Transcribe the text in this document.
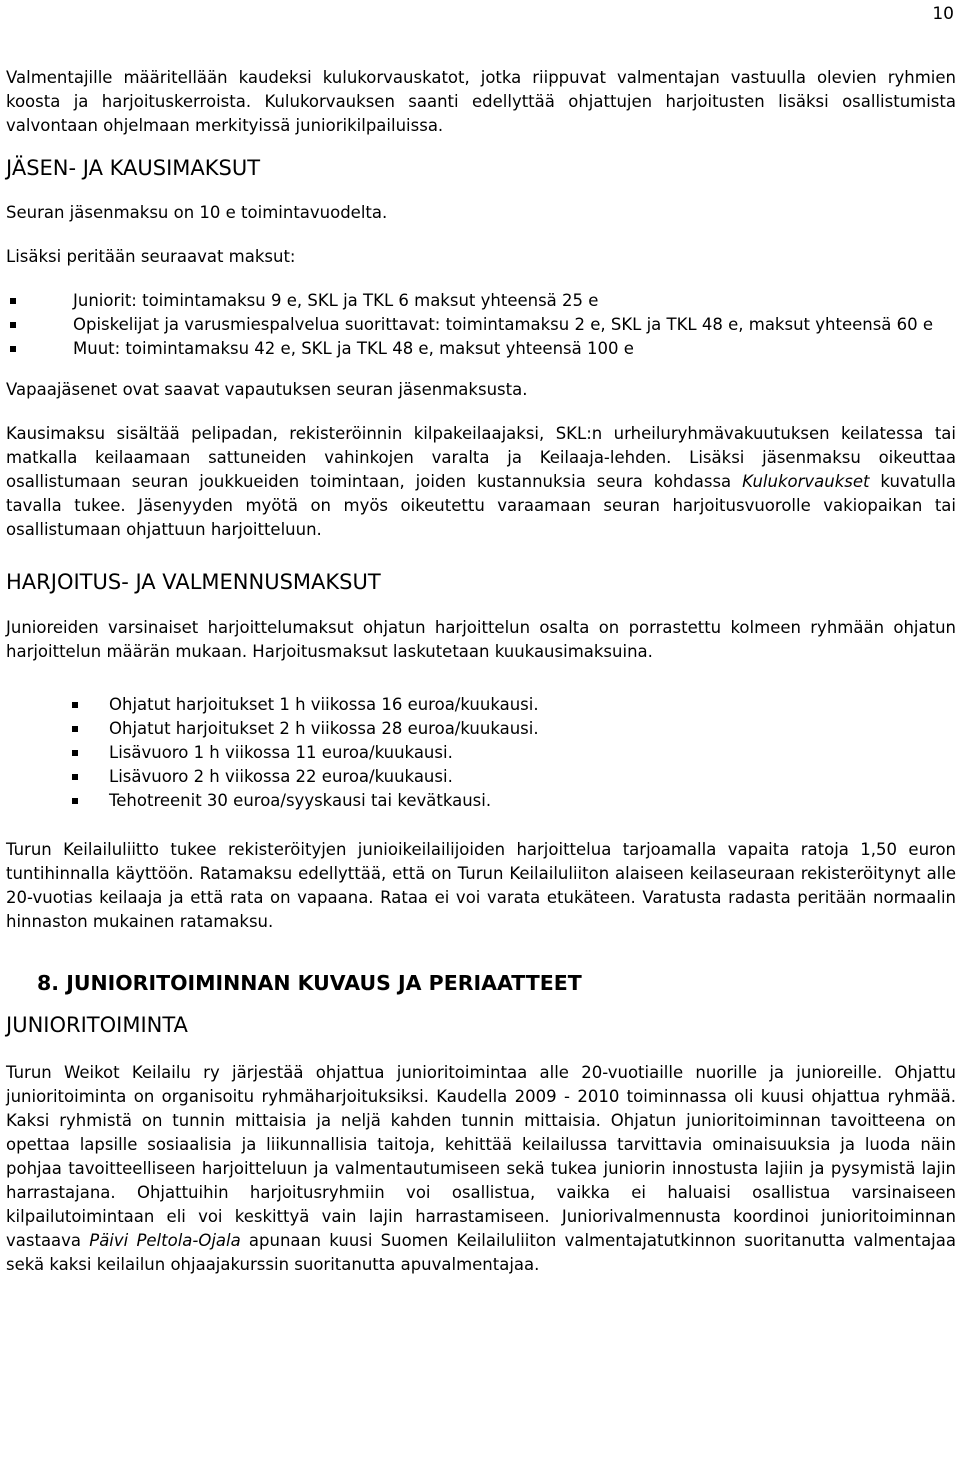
10

Valmentajille määritellään kaudeksi kulukorvauskatot, jotka riippuvat valmentajan vastuulla olevien ryhmien koosta ja harjoituskerroista. Kulukorvauksen saanti edellyttää ohjattujen harjoitusten lisäksi osallistumista valvontaan ohjelmaan merkityissä juniorikilpailuissa.

JÄSEN- JA KAUSIMAKSUT

Seuran jäsenmaksu on 10 e toimintavuodelta.

Lisäksi peritään seuraavat maksut:

Juniorit: toimintamaksu 9 e, SKL ja TKL 6 maksut yhteensä 25 e
Opiskelijat ja varusmiespalvelua suorittavat: toimintamaksu 2 e, SKL ja TKL 48 e, maksut yhteensä 60 e
Muut: toimintamaksu 42 e, SKL ja TKL 48 e, maksut yhteensä 100 e

Vapaajäsenet ovat saavat vapautuksen seuran jäsenmaksusta.

Kausimaksu sisältää pelipadan, rekisteröinnin kilpakeilaajaksi, SKL:n urheiluryhmävakuutuksen keilatessa tai matkalla keilaamaan sattuneiden vahinkojen varalta ja Keilaaja-lehden. Lisäksi jäsenmaksu oikeuttaa osallistumaan seuran joukkueiden toimintaan, joiden kustannuksia seura kohdassa Kulukorvaukset kuvatulla tavalla tukee. Jäsenyyden myötä on myös oikeutettu varaamaan seuran harjoitusvuorolle vakiopaikan tai osallistumaan ohjattuun harjoitteluun.

HARJOITUS- JA VALMENNUSMAKSUT

Junioreiden varsinaiset harjoittelumaksut ohjatun harjoittelun osalta on porrastettu kolmeen ryhmään ohjatun harjoittelun määrän mukaan. Harjoitusmaksut laskutetaan kuukausimaksuina.

Ohjatut harjoitukset 1 h viikossa 16 euroa/kuukausi.
Ohjatut harjoitukset 2 h viikossa 28 euroa/kuukausi.
Lisävuoro 1 h viikossa 11 euroa/kuukausi.
Lisävuoro 2 h viikossa 22 euroa/kuukausi.
Tehotreenit 30 euroa/syyskausi tai kevätkausi.

Turun Keilailuliitto tukee rekisteröityjen junioikeilailijoiden harjoittelua tarjoamalla vapaita ratoja 1,50 euron tuntihinnalla käyttöön. Ratamaksu edellyttää, että on Turun Keilailuliiton alaiseen keilaseuraan rekisteröitynyt alle 20-vuotias keilaaja ja että rata on vapaana. Rataa ei voi varata etukäteen. Varatusta radasta peritään normaalin hinnaston mukainen ratamaksu.

8. JUNIORITOIMINNAN KUVAUS JA PERIAATTEET
JUNIORITOIMINTA

Turun Weikot Keilailu ry järjestää ohjattua junioritoimintaa alle 20-vuotiaille nuorille ja junioreille. Ohjattu junioritoiminta on organisoitu ryhmäharjoituksiksi. Kaudella 2009 - 2010 toiminnassa oli kuusi ohjattua ryhmää. Kaksi ryhmistä on tunnin mittaisia ja neljä kahden tunnin mittaisia. Ohjatun junioritoiminnan tavoitteena on opettaa lapsille sosiaalisia ja liikunnallisia taitoja, kehittää keilailussa tarvittavia ominaisuuksia ja luoda näin pohjaa tavoitteelliseen harjoitteluun ja valmentautumiseen sekä tukea juniorin innostusta lajiin ja pysymistä lajin harrastajana. Ohjattuihin harjoitusryhmiin voi osallistua, vaikka ei haluaisi osallistua varsinaiseen kilpailutoimintaan eli voi keskittyä vain lajin harrastamiseen. Juniorivalmennusta koordinoi junioritoiminnan vastaava Päivi Peltola-Ojala apunaan kuusi Suomen Keilailuliiton valmentajatutkinnon suoritanutta valmentajaa sekä kaksi keilailun ohjaajakurssin suoritanutta apuvalmentajaa.
